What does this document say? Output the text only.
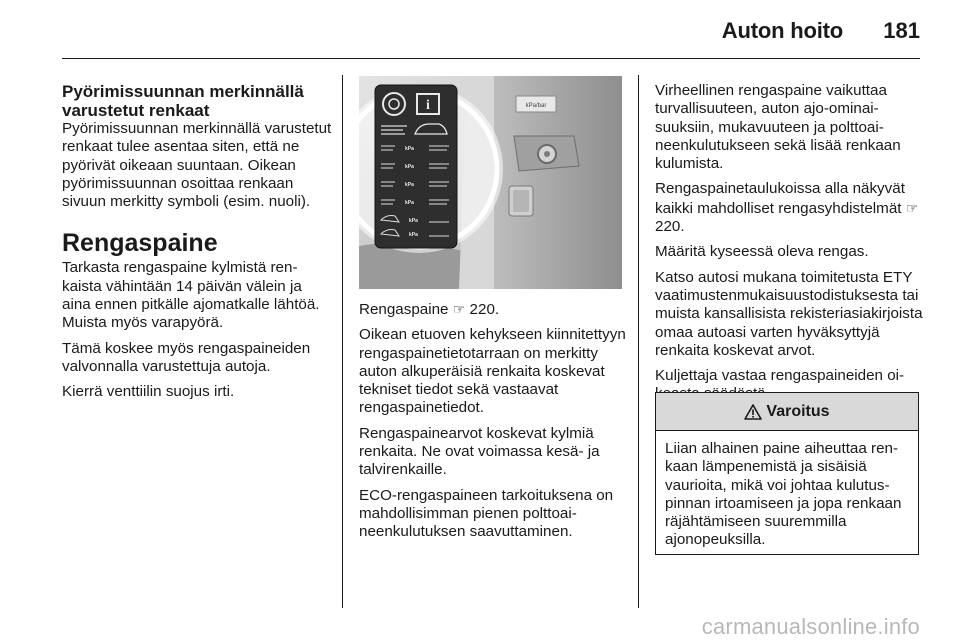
Auton hoito 181
Pyörimissuunnan merkinnällä varustetut renkaat
Pyörimissuunnan merkinnällä varustetut renkaat tulee asentaa siten, että ne pyörivät oikeaan suuntaan. Oikean pyörimissuunnan osoittaa renkaan sivuun merkitty symboli (esim. nuoli).
Rengaspaine
Tarkasta rengaspaine kylmistä renkaista vähintään 14 päivän välein ja aina ennen pitkälle ajomatkalle lähtöä. Muista myös varapyörä.
Tämä koskee myös rengaspaineiden valvonnalla varustettuja autoja.
Kierrä venttiilin suojus irti.
kPa/bar
i
kPa
kPa
kPa
kPa
kPa
kPa
Rengaspaine ☞ 220.
Oikean etuoven kehykseen kiinnitettyyn rengaspainetietotarraan on merkitty auton alkuperäisiä renkaita koskevat tekniset tiedot sekä vastaavat rengaspainetiedot.
Rengaspainearvot koskevat kylmiä renkaita. Ne ovat voimassa kesä- ja talvirenkaille.
ECO-rengaspaineen tarkoituksena on mahdollisimman pienen polttoaineenkulutuksen saavuttaminen.
Virheellinen rengaspaine vaikuttaa turvallisuuteen, auton ajo-ominaisuuksiin, mukavuuteen ja polttoaineenkulutukseen sekä lisää renkaan kulumista.
Rengaspainetaulukoissa alla näkyvät kaikki mahdolliset rengasyhdistelmät ☞ 220.
Määritä kyseessä oleva rengas.
Katso autosi mukana toimitetusta ETY vaatimustenmukaisuustodistuksesta tai muista kansallisista rekisteriasiakirjoista omaa autoasi varten hyväksyttyjä renkaita koskevat arvot.
Kuljettaja vastaa rengaspaineiden oi
Varoitus
Liian alhainen paine aiheuttaa renkaan lämpenemistä ja sisäisiä vaurioita, mikä voi johtaa kulutuspinnan irtoamiseen ja jopa renkaan räjähtämiseen suuremmilla ajonopeuksilla.
carmanualsonline.info
